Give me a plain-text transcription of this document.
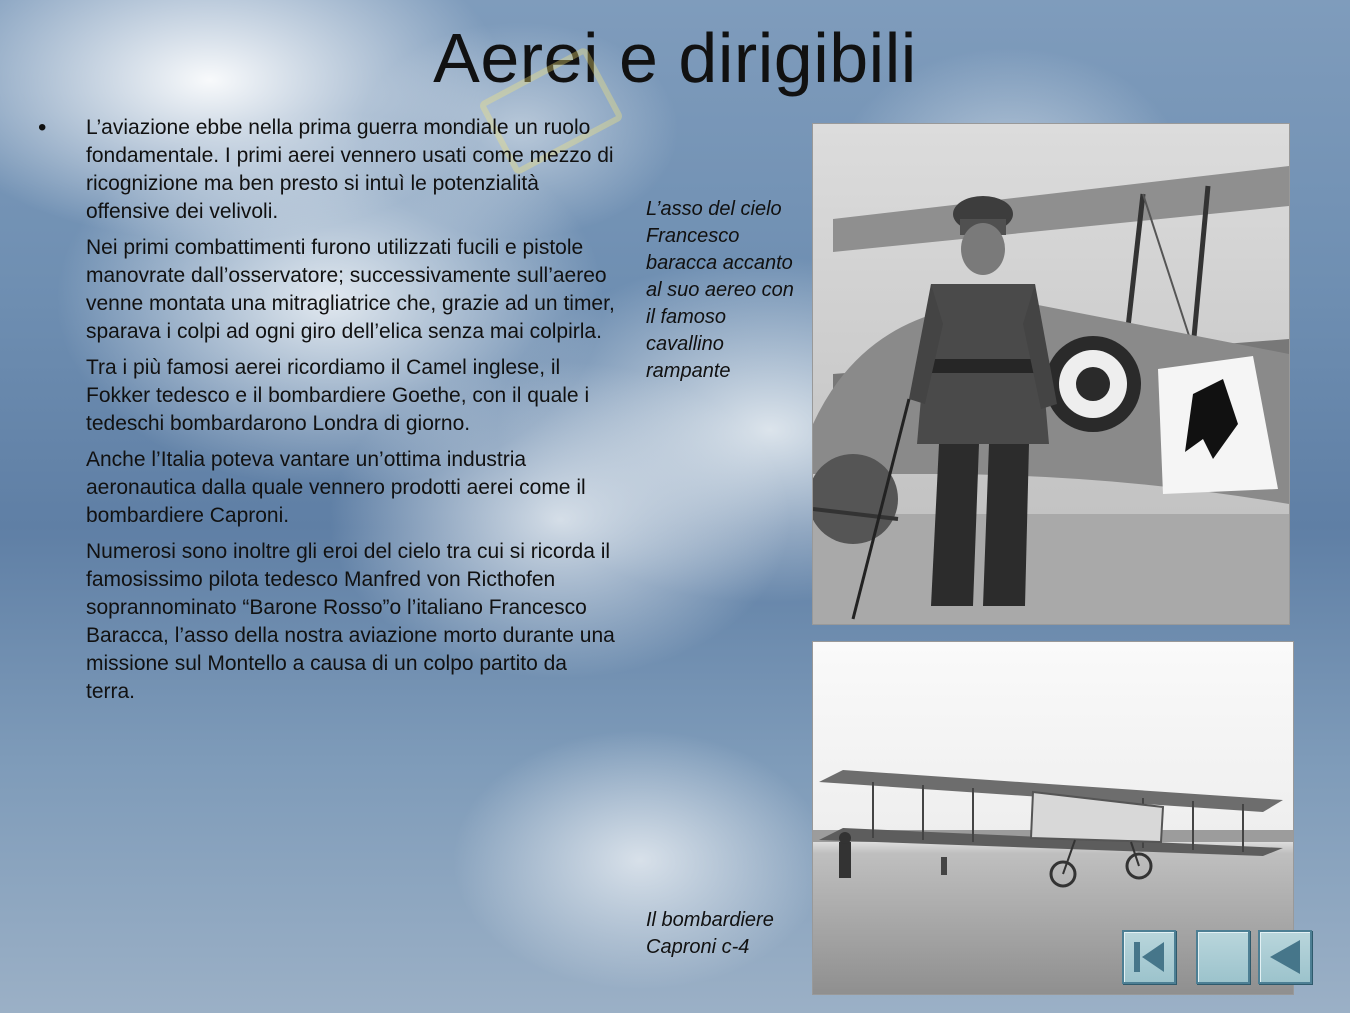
Aerei e dirigibili
• L’aviazione ebbe nella prima guerra mondiale un ruolo fondamentale. I primi aerei vennero usati come mezzo di ricognizione ma ben presto si intuì le potenzialità offensive dei velivoli.

Nei primi combattimenti furono utilizzati fucili e pistole manovrate dall’osservatore; successivamente sull’aereo venne montata una mitragliatrice che, grazie ad un timer, sparava i colpi ad ogni giro dell’elica senza mai colpirla.

Tra i più famosi aerei ricordiamo il Camel inglese, il Fokker tedesco e il bombardiere Goethe, con il quale i tedeschi bombardarono Londra di giorno.

Anche l’Italia poteva vantare un’ottima industria aeronautica dalla quale vennero prodotti aerei come il bombardiere Caproni.

Numerosi sono inoltre gli eroi del cielo tra cui si ricorda il famosissimo pilota tedesco Manfred von Ricthofen soprannominato “Barone Rosso”o l’italiano Francesco Baracca, l’asso della nostra aviazione morto durante una missione sul Montello a causa di un colpo partito da terra.

L’asso del cielo Francesco baracca accanto al suo aereo con il famoso cavallino rampante

Il bombardiere Caproni c-4
